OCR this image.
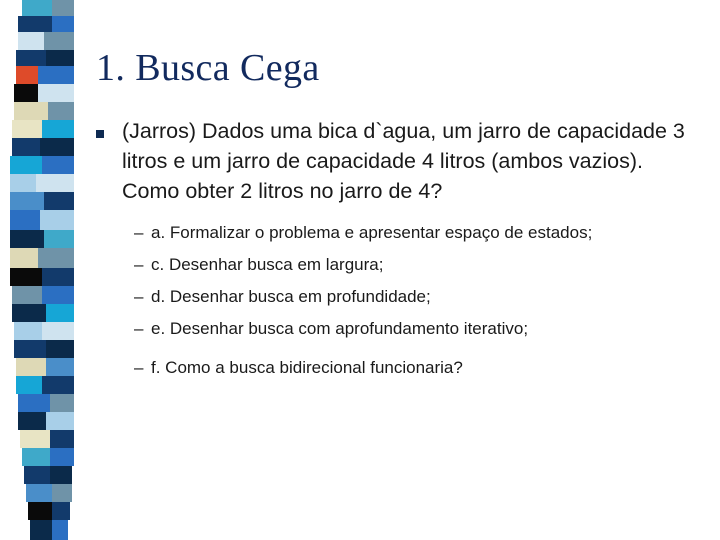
1. Busca Cega
(Jarros) Dados uma bica d`agua, um jarro de capacidade 3 litros e um jarro de capacidade 4 litros (ambos vazios). Como obter 2 litros no jarro de 4?
– a. Formalizar o problema e apresentar espaço de estados;
– c. Desenhar busca em largura;
– d. Desenhar busca em profundidade;
– e. Desenhar busca com aprofundamento iterativo;
– f. Como a busca bidirecional funcionaria?
